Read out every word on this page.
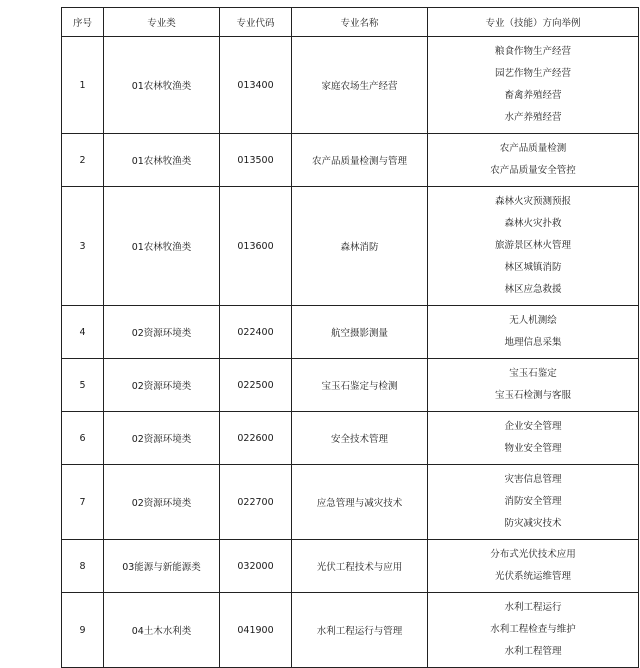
序号	专业类	专业代码	专业名称	专业（技能）方向举例
1	01农林牧渔类	013400	家庭农场生产经营	粮食作物生产经营
园艺作物生产经营
畜禽养殖经营
水产养殖经营

2	01农林牧渔类	013500	农产品质量检测与管理	农产品质量检测
农产品质量安全管控

3	01农林牧渔类	013600	森林消防	森林火灾预测预报
森林火灾扑救
旅游景区林火管理
林区城镇消防
林区应急救援

4	02资源环境类	022400	航空摄影测量	无人机测绘
地理信息采集

5	02资源环境类	022500	宝玉石鉴定与检测	宝玉石鉴定
宝玉石检测与客服

6	02资源环境类	022600	安全技术管理	企业安全管理
物业安全管理

7	02资源环境类	022700	应急管理与减灾技术	灾害信息管理
消防安全管理
防灾减灾技术

8	03能源与新能源类	032000	光伏工程技术与应用	分布式光伏技术应用
光伏系统运维管理

9	04土木水利类	041900	水利工程运行与管理	水利工程运行
水利工程检查与维护
水利工程管理
